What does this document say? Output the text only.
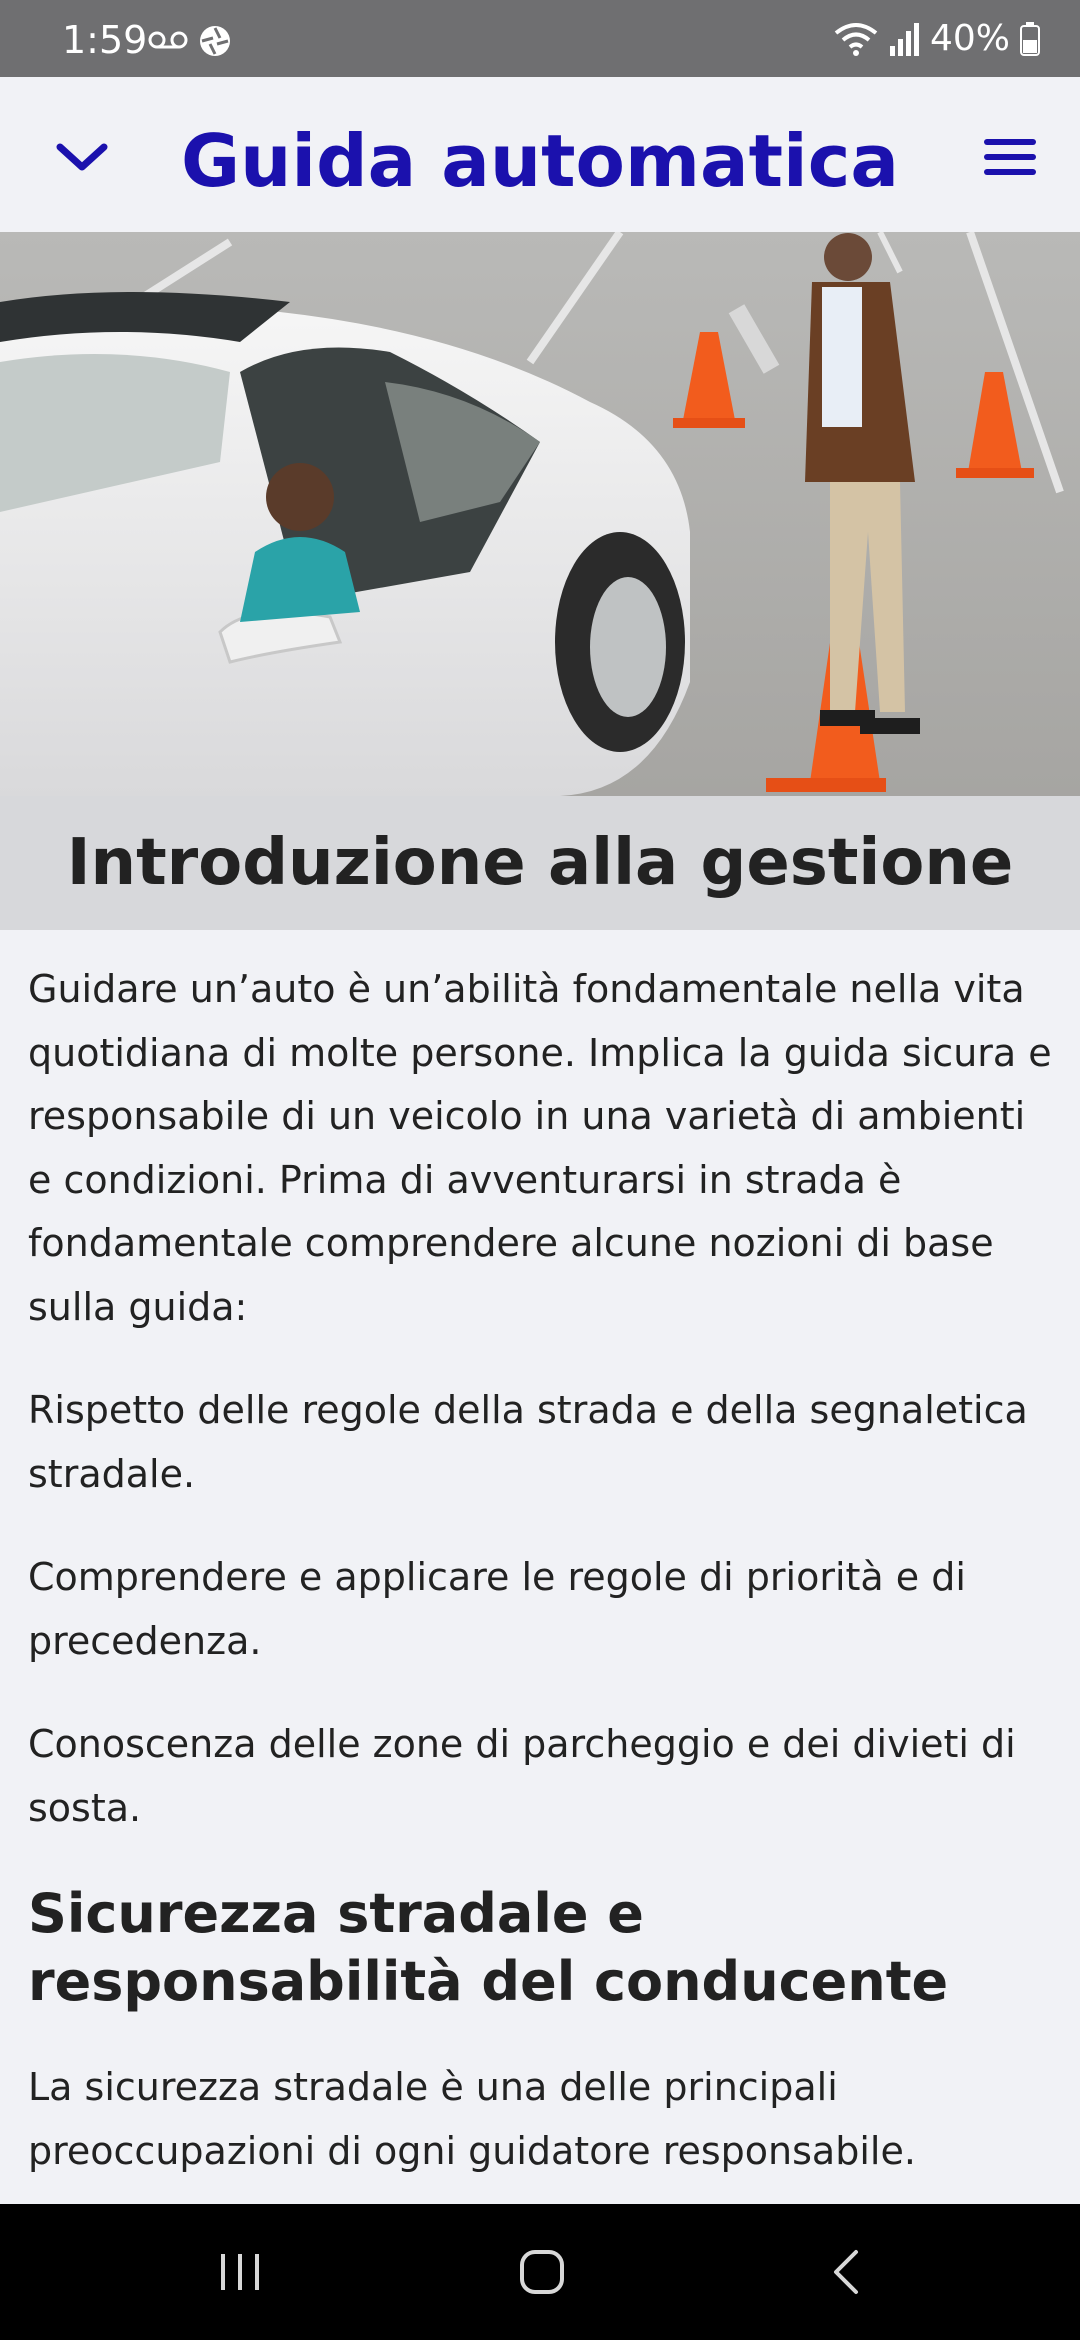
1:59	40%
Guida automatica
Introduzione alla gestione

Guidare un’auto è un’abilità fondamentale nella vita quotidiana di molte persone. Implica la guida sicura e responsabile di un veicolo in una varietà di ambienti e condizioni. Prima di avventurarsi in strada è fondamentale comprendere alcune nozioni di base sulla guida:

Rispetto delle regole della strada e della segnaletica stradale.

Comprendere e applicare le regole di priorità e di precedenza.

Conoscenza delle zone di parcheggio e dei divieti di sosta.

Sicurezza stradale e responsabilità del conducente

La sicurezza stradale è una delle principali preoccupazioni di ogni guidatore responsabile.
